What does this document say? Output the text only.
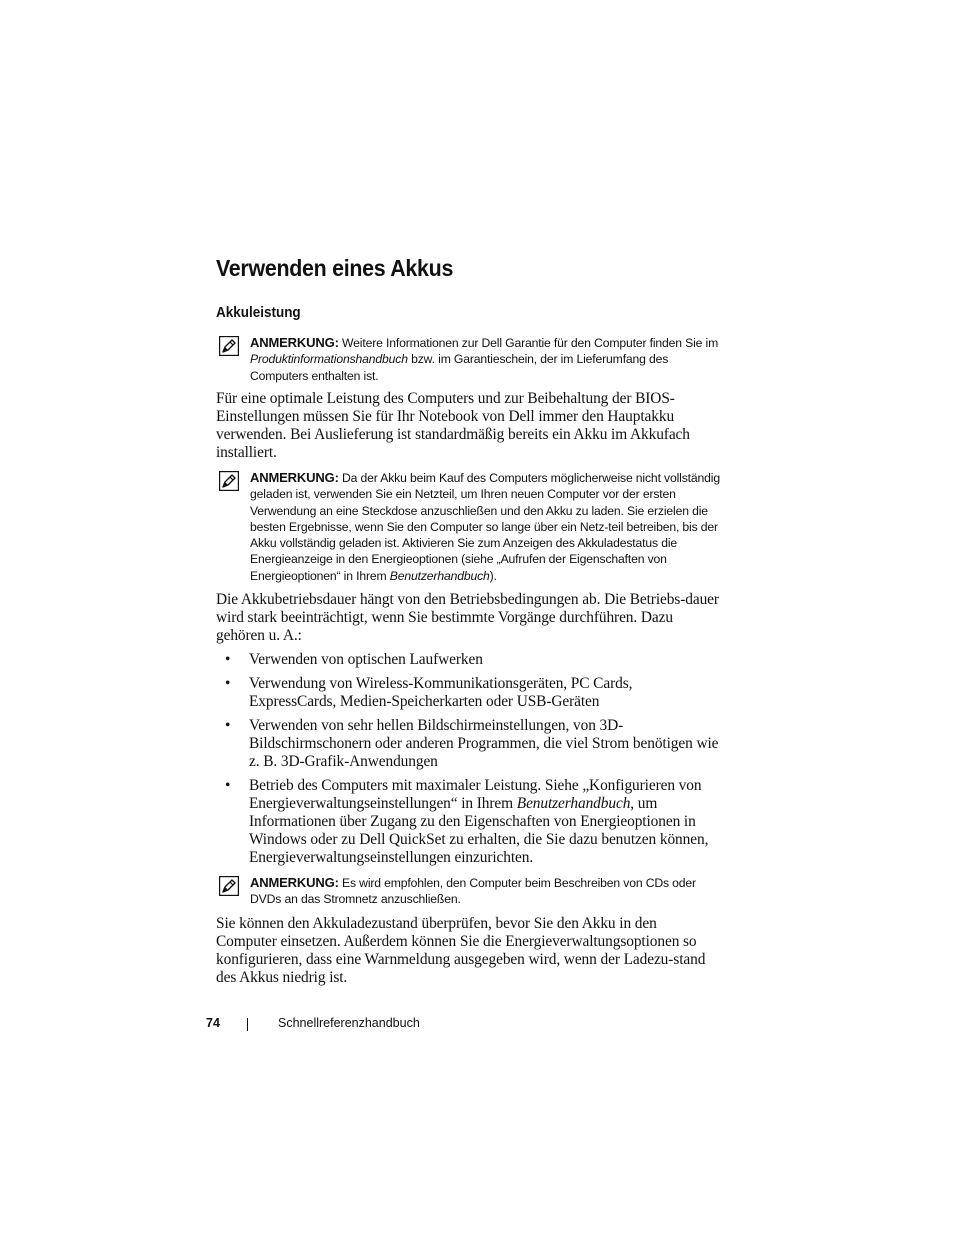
Verwenden eines Akkus
Akkuleistung
ANMERKUNG: Weitere Informationen zur Dell Garantie für den Computer finden Sie im Produktinformationshandbuch bzw. im Garantieschein, der im Lieferumfang des Computers enthalten ist.

Für eine optimale Leistung des Computers und zur Beibehaltung der BIOS-Einstellungen müssen Sie für Ihr Notebook von Dell immer den Hauptakku verwenden. Bei Auslieferung ist standardmäßig bereits ein Akku im Akkufach installiert.

ANMERKUNG: Da der Akku beim Kauf des Computers möglicherweise nicht vollständig geladen ist, verwenden Sie ein Netzteil, um Ihren neuen Computer vor der ersten Verwendung an eine Steckdose anzuschließen und den Akku zu laden. Sie erzielen die besten Ergebnisse, wenn Sie den Computer so lange über ein Netz-teil betreiben, bis der Akku vollständig geladen ist. Aktivieren Sie zum Anzeigen des Akkuladestatus die Energieanzeige in den Energieoptionen (siehe „Aufrufen der Eigenschaften von Energieoptionen“ in Ihrem Benutzerhandbuch).

Die Akkubetriebsdauer hängt von den Betriebsbedingungen ab. Die Betriebs-dauer wird stark beeinträchtigt, wenn Sie bestimmte Vorgänge durchführen. Dazu gehören u. A.:

• Verwenden von optischen Laufwerken
• Verwendung von Wireless-Kommunikationsgeräten, PC Cards, ExpressCards, Medien-Speicherkarten oder USB-Geräten
• Verwenden von sehr hellen Bildschirmeinstellungen, von 3D-Bildschirmschonern oder anderen Programmen, die viel Strom benötigen wie z. B. 3D-Grafik-Anwendungen
• Betrieb des Computers mit maximaler Leistung. Siehe „Konfigurieren von Energieverwaltungseinstellungen“ in Ihrem Benutzerhandbuch, um Informationen über Zugang zu den Eigenschaften von Energieoptionen in Windows oder zu Dell QuickSet zu erhalten, die Sie dazu benutzen können, Energieverwaltungseinstellungen einzurichten.
ANMERKUNG: Es wird empfohlen, den Computer beim Beschreiben von CDs oder DVDs an das Stromnetz anzuschließen.

Sie können den Akkuladezustand überprüfen, bevor Sie den Akku in den Computer einsetzen. Außerdem können Sie die Energieverwaltungsoptionen so konfigurieren, dass eine Warnmeldung ausgegeben wird, wenn der Ladezu-stand des Akkus niedrig ist.

74	Schnellreferenzhandbuch
